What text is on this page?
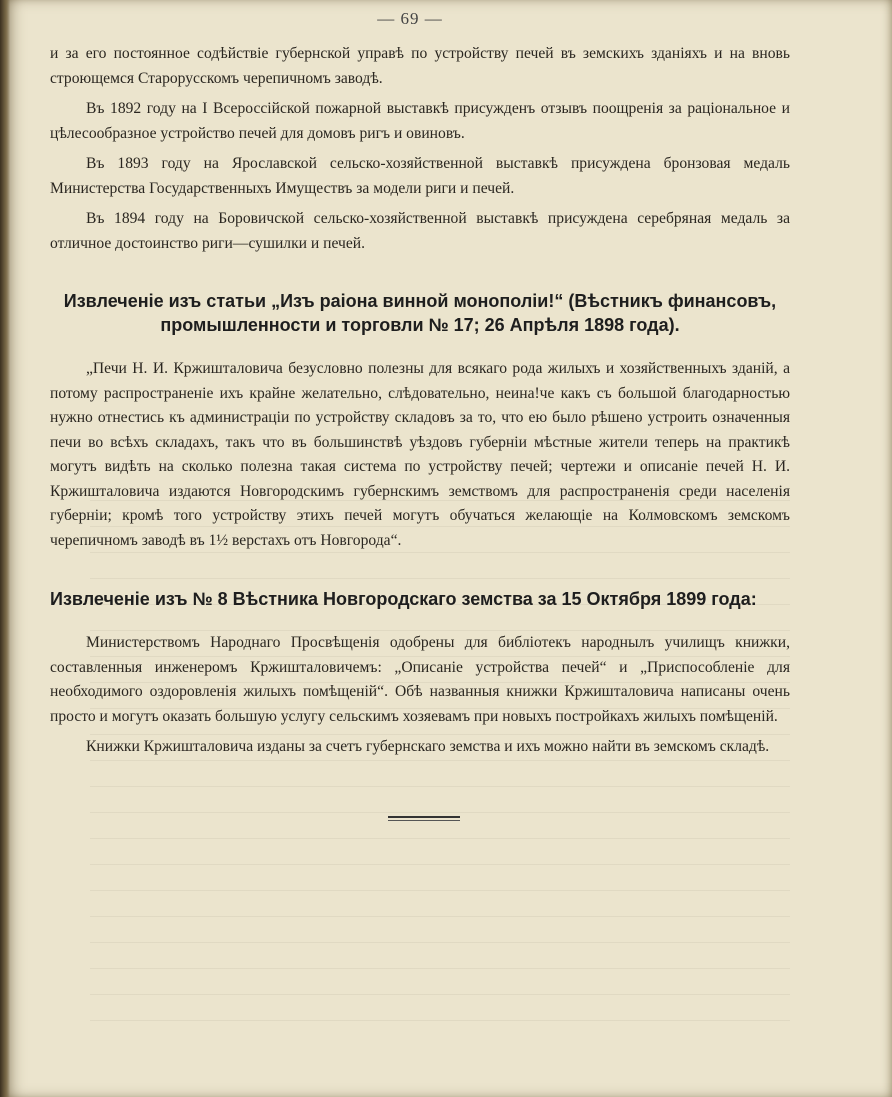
— 69 —

и за его постоянное содѣйствіе губернской управѣ по устройству печей въ земскихъ зданіяхъ и на вновь строющемся Старорусскомъ черепичномъ заводѣ.

Въ 1892 году на I Всероссійской пожарной выставкѣ присужденъ отзывъ поощренія за раціональное и цѣлесообразное устройство печей для домовъ ригъ и овиновъ.

Въ 1893 году на Ярославской сельско-хозяйственной выставкѣ присуждена бронзовая медаль Министерства Государственныхъ Имуществъ за модели риги и печей.

Въ 1894 году на Боровичской сельско-хозяйственной выставкѣ присуждена серебряная медаль за отличное достоинство риги—сушилки и печей.

Извлеченіе изъ статьи „Изъ раіона винной монополіи!“ (Вѣстникъ финансовъ,
промышленности и торговли № 17; 26 Апрѣля 1898 года).

„Печи Н. И. Кржишталовича безусловно полезны для всякаго рода жилыхъ и хозяйственныхъ зданій, а потому распространеніе ихъ крайне желательно, слѣдовательно, неинаǃче какъ съ большой благодарностью нужно отнестись къ администраціи по устройству складовъ за то, что ею было рѣшено устроить означенныя печи во всѣхъ складахъ, такъ что въ большинствѣ уѣздовъ губерніи мѣстные жители теперь на практикѣ могутъ видѣть на сколько полезна такая система по устройству печей; чертежи и описаніе печей Н. И. Кржишталовича издаются Новгородскимъ губернскимъ земствомъ для распространенія среди населенія губерніи; кромѣ того устройству этихъ печей могутъ обучаться желающіе на Колмовскомъ земскомъ черепичномъ заводѣ въ 1½ верстахъ отъ Новгорода“.

Извлеченіе изъ № 8 Вѣстника Новгородскаго земства за 15 Октября 1899 года:

Министерствомъ Народнаго Просвѣщенія одобрены для библіотекъ народнылъ училищъ книжки, составленныя инженеромъ Кржишталовичемъ: „Описаніе устройства печей“ и „Приспособленіе для необходимого оздоровленія жилыхъ помѣщеній“. Обѣ названныя книжки Кржишталовича написаны очень просто и могутъ оказать большую услугу сельскимъ хозяевамъ при новыхъ постройкахъ жилыхъ помѣщеній.

Книжки Кржишталовича изданы за счетъ губернскаго земства и ихъ можно найти въ земскомъ складѣ.
